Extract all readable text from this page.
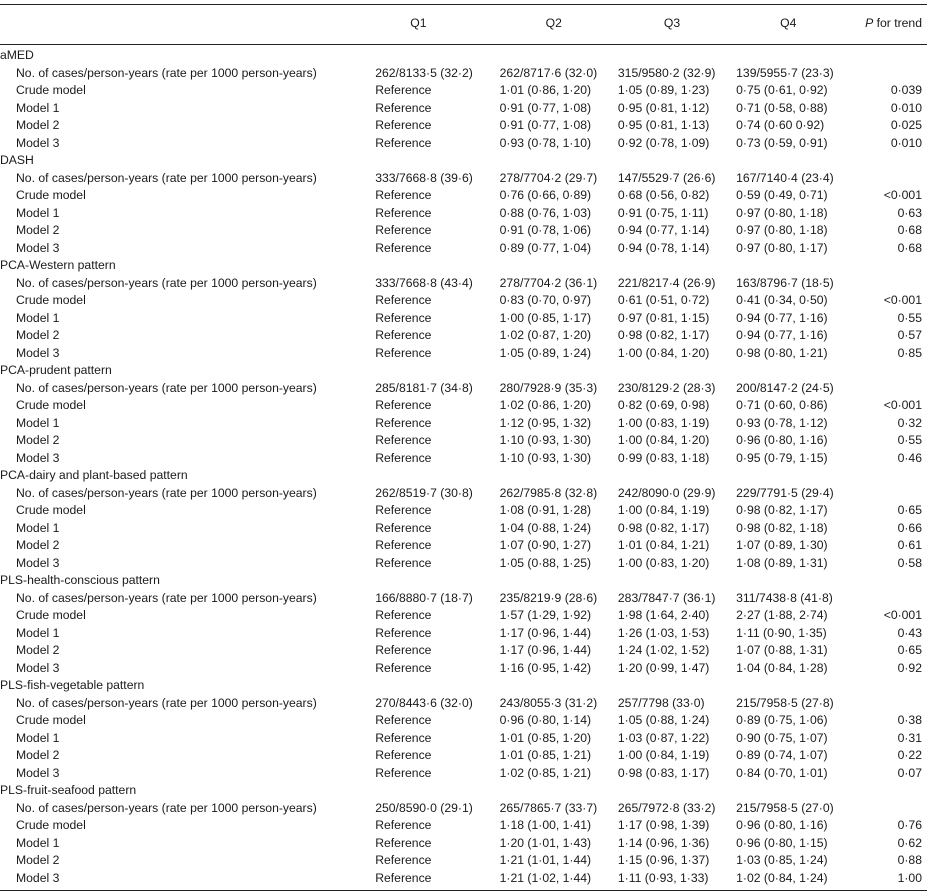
	Q1	Q2	Q3	Q4	P for trend
aMED					
No. of cases/person-years (rate per 1000 person-years)	262/8133·5 (32·2)	262/8717·6 (32·0)	315/9580·2 (32·9)	139/5955·7 (23·3)	
Crude model	Reference	1·01 (0·86, 1·20)	1·05 (0·89, 1·23)	0·75 (0·61, 0·92)	0·039
Model 1	Reference	0·91 (0·77, 1·08)	0·95 (0·81, 1·12)	0·71 (0·58, 0·88)	0·010
Model 2	Reference	0·91 (0·77, 1·08)	0·95 (0·81, 1·13)	0·74 (0·60 0·92)	0·025
Model 3	Reference	0·93 (0·78, 1·10)	0·92 (0·78, 1·09)	0·73 (0·59, 0·91)	0·010
DASH					
No. of cases/person-years (rate per 1000 person-years)	333/7668·8 (39·6)	278/7704·2 (29·7)	147/5529·7 (26·6)	167/7140·4 (23·4)	
Crude model	Reference	0·76 (0·66, 0·89)	0·68 (0·56, 0·82)	0·59 (0·49, 0·71)	<0·001
Model 1	Reference	0·88 (0·76, 1·03)	0·91 (0·75, 1·11)	0·97 (0·80, 1·18)	0·63
Model 2	Reference	0·91 (0·78, 1·06)	0·94 (0·77, 1·14)	0·97 (0·80, 1·18)	0·68
Model 3	Reference	0·89 (0·77, 1·04)	0·94 (0·78, 1·14)	0·97 (0·80, 1·17)	0·68
PCA-Western pattern					
No. of cases/person-years (rate per 1000 person-years)	333/7668·8 (43·4)	278/7704·2 (36·1)	221/8217·4 (26·9)	163/8796·7 (18·5)	
Crude model	Reference	0·83 (0·70, 0·97)	0·61 (0·51, 0·72)	0·41 (0·34, 0·50)	<0·001
Model 1	Reference	1·00 (0·85, 1·17)	0·97 (0·81, 1·15)	0·94 (0·77, 1·16)	0·55
Model 2	Reference	1·02 (0·87, 1·20)	0·98 (0·82, 1·17)	0·94 (0·77, 1·16)	0·57
Model 3	Reference	1·05 (0·89, 1·24)	1·00 (0·84, 1·20)	0·98 (0·80, 1·21)	0·85
PCA-prudent pattern					
No. of cases/person-years (rate per 1000 person-years)	285/8181·7 (34·8)	280/7928·9 (35·3)	230/8129·2 (28·3)	200/8147·2 (24·5)	
Crude model	Reference	1·02 (0·86, 1·20)	0·82 (0·69, 0·98)	0·71 (0·60, 0·86)	<0·001
Model 1	Reference	1·12 (0·95, 1·32)	1·00 (0·83, 1·19)	0·93 (0·78, 1·12)	0·32
Model 2	Reference	1·10 (0·93, 1·30)	1·00 (0·84, 1·20)	0·96 (0·80, 1·16)	0·55
Model 3	Reference	1·10 (0·93, 1·30)	0·99 (0·83, 1·18)	0·95 (0·79, 1·15)	0·46
PCA-dairy and plant-based pattern					
No. of cases/person-years (rate per 1000 person-years)	262/8519·7 (30·8)	262/7985·8 (32·8)	242/8090·0 (29·9)	229/7791·5 (29·4)	
Crude model	Reference	1·08 (0·91, 1·28)	1·00 (0·84, 1·19)	0·98 (0·82, 1·17)	0·65
Model 1	Reference	1·04 (0·88, 1·24)	0·98 (0·82, 1·17)	0·98 (0·82, 1·18)	0·66
Model 2	Reference	1·07 (0·90, 1·27)	1·01 (0·84, 1·21)	1·07 (0·89, 1·30)	0·61
Model 3	Reference	1·05 (0·88, 1·25)	1·00 (0·83, 1·20)	1·08 (0·89, 1·31)	0·58
PLS-health-conscious pattern					
No. of cases/person-years (rate per 1000 person-years)	166/8880·7 (18·7)	235/8219·9 (28·6)	283/7847·7 (36·1)	311/7438·8 (41·8)	
Crude model	Reference	1·57 (1·29, 1·92)	1·98 (1·64, 2·40)	2·27 (1·88, 2·74)	<0·001
Model 1	Reference	1·17 (0·96, 1·44)	1·26 (1·03, 1·53)	1·11 (0·90, 1·35)	0·43
Model 2	Reference	1·17 (0·96, 1·44)	1·24 (1·02, 1·52)	1·07 (0·88, 1·31)	0·65
Model 3	Reference	1·16 (0·95, 1·42)	1·20 (0·99, 1·47)	1·04 (0·84, 1·28)	0·92
PLS-fish-vegetable pattern					
No. of cases/person-years (rate per 1000 person-years)	270/8443·6 (32·0)	243/8055·3 (31·2)	257/7798 (33·0)	215/7958·5 (27·8)	
Crude model	Reference	0·96 (0·80, 1·14)	1·05 (0·88, 1·24)	0·89 (0·75, 1·06)	0·38
Model 1	Reference	1·01 (0·85, 1·20)	1·03 (0·87, 1·22)	0·90 (0·75, 1·07)	0·31
Model 2	Reference	1·01 (0·85, 1·21)	1·00 (0·84, 1·19)	0·89 (0·74, 1·07)	0·22
Model 3	Reference	1·02 (0·85, 1·21)	0·98 (0·83, 1·17)	0·84 (0·70, 1·01)	0·07
PLS-fruit-seafood pattern					
No. of cases/person-years (rate per 1000 person-years)	250/8590·0 (29·1)	265/7865·7 (33·7)	265/7972·8 (33·2)	215/7958·5 (27·0)	
Crude model	Reference	1·18 (1·00, 1·41)	1·17 (0·98, 1·39)	0·96 (0·80, 1·16)	0·76
Model 1	Reference	1·20 (1·01, 1·43)	1·14 (0·96, 1·36)	0·96 (0·80, 1·15)	0·62
Model 2	Reference	1·21 (1·01, 1·44)	1·15 (0·96, 1·37)	1·03 (0·85, 1·24)	0·88
Model 3	Reference	1·21 (1·02, 1·44)	1·11 (0·93, 1·33)	1·02 (0·84, 1·24)	1·00
